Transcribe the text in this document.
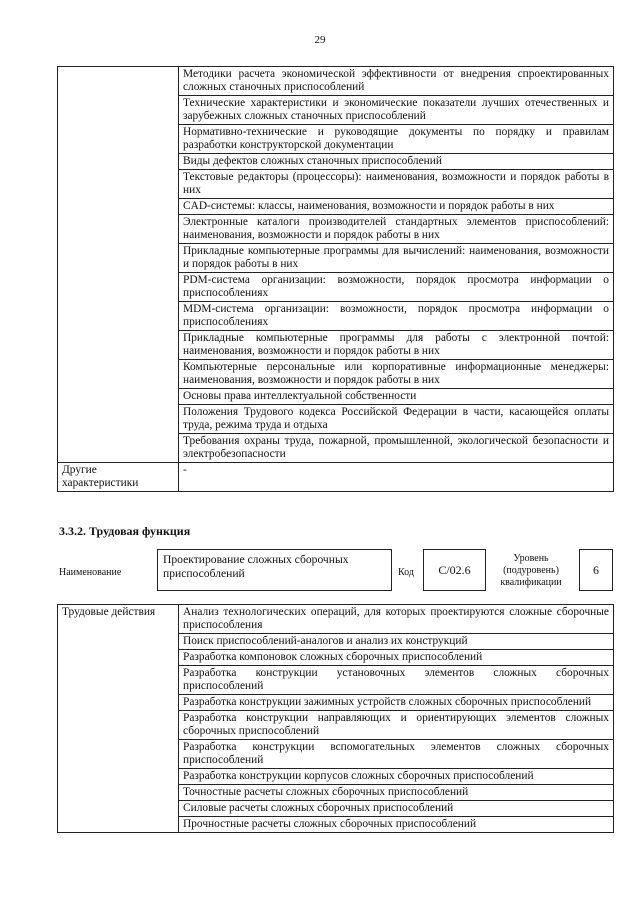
29
	Методики расчета экономической эффективности от внедрения спроектированных сложных станочных приспособлений
	Технические характеристики и экономические показатели лучших отечественных и зарубежных сложных станочных приспособлений
	Нормативно-технические и руководящие документы по порядку и правилам разработки конструкторской документации
	Виды дефектов сложных станочных приспособлений
	Текстовые редакторы (процессоры): наименования, возможности и порядок работы в них
	CAD-системы: классы, наименования, возможности и порядок работы в них
	Электронные каталоги производителей стандартных элементов приспособлений: наименования, возможности и порядок работы в них
	Прикладные компьютерные программы для вычислений: наименования, возможности и порядок работы в них
	PDM-система организации: возможности, порядок просмотра информации о приспособлениях
	MDM-система организации: возможности, порядок просмотра информации о приспособлениях
	Прикладные компьютерные программы для работы с электронной почтой: наименования, возможности и порядок работы в них
	Компьютерные персональные или корпоративные информационные менеджеры: наименования, возможности и порядок работы в них
	Основы права интеллектуальной собственности
	Положения Трудового кодекса Российской Федерации в части, касающейся оплаты труда, режима труда и отдыха
	Требования охраны труда, пожарной, промышленной, экологической безопасности и электробезопасности
Другие характеристики	-
3.3.2. Трудовая функция
Наименование
Проектирование сложных сборочных приспособлений	Код	С/02.6
Уровень (подуровень) квалификации
6
Трудовые действия	Анализ технологических операций, для которых проектируются сложные сборочные приспособления
Поиск приспособлений-аналогов и анализ их конструкций
Разработка компоновок сложных сборочных приспособлений
Разработка конструкции установочных элементов сложных сборочных приспособлений
Разработка конструкции зажимных устройств сложных сборочных приспособлений
Разработка конструкции направляющих и ориентирующих элементов сложных сборочных приспособлений
Разработка конструкции вспомогательных элементов сложных сборочных приспособлений
Разработка конструкции корпусов сложных сборочных приспособлений
Точностные расчеты сложных сборочных приспособлений
Силовые расчеты сложных сборочных приспособлений
Прочностные расчеты сложных сборочных приспособлений
